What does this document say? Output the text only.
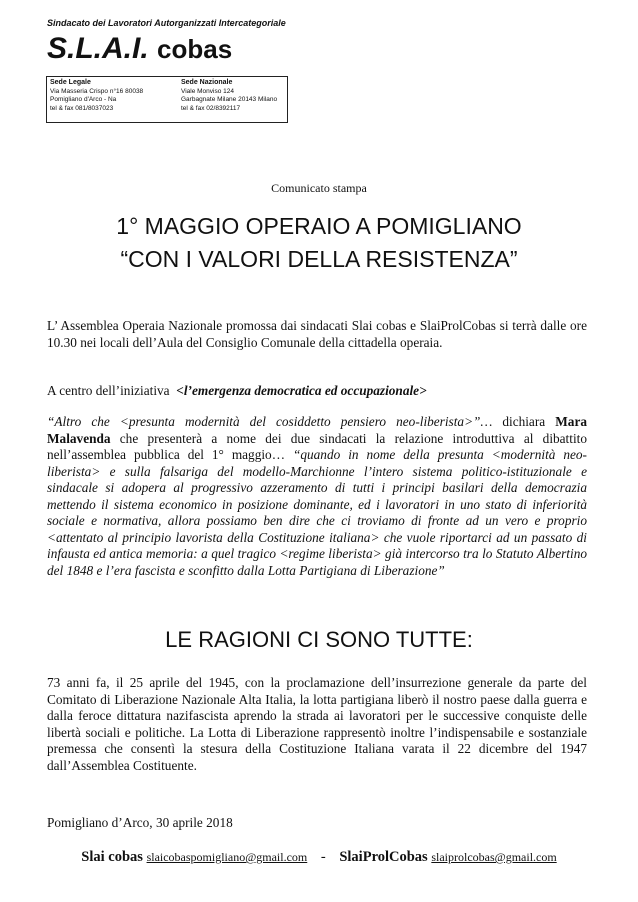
Sindacato dei Lavoratori Autorganizzati Intercategoriale
S.L.A.I. cobas
Sede Legale
Via Masseria Crispo n°16 80038
Pomigliano d'Arco - Na
tel & fax 081/8037023
Sede Nazionale
Viale Monviso 124
Garbagnate Milane 20143 Milano
tel & fax 02/8392117
Comunicato stampa
1° MAGGIO OPERAIO A POMIGLIANO
“CON I VALORI DELLA RESISTENZA”
L’ Assemblea Operaia Nazionale promossa dai sindacati Slai cobas e SlaiProlCobas si terrà dalle ore 10.30 nei locali dell’Aula del Consiglio Comunale della cittadella operaia.
A centro dell’iniziativa <l’emergenza democratica ed occupazionale>
“Altro che <presunta modernità del cosiddetto pensiero neo-liberista>”… dichiara Mara Malavenda che presenterà a nome dei due sindacati la relazione introduttiva al dibattito nell’assemblea pubblica del 1° maggio… “quando in nome della presunta <modernità neo-liberista> e sulla falsariga del modello-Marchionne l’intero sistema politico-istituzionale e sindacale si adopera al progressivo azzeramento di tutti i principi basilari della democrazia mettendo il sistema economico in posizione dominante, ed i lavoratori in uno stato di inferiorità sociale e normativa, allora possiamo ben dire che ci troviamo di fronte ad un vero e proprio <attentato al principio lavorista della Costituzione italiana> che vuole riportarci ad un passato di infausta ed antica memoria: a quel tragico <regime liberista> già intercorso tra lo Statuto Albertino del 1848 e l’era fascista e sconfitto dalla Lotta Partigiana di Liberazione”
LE RAGIONI CI SONO TUTTE:
73 anni fa, il 25 aprile del 1945, con la proclamazione dell’insurrezione generale da parte del Comitato di Liberazione Nazionale Alta Italia, la lotta partigiana liberò il nostro paese dalla guerra e dalla feroce dittatura nazifascista aprendo la strada ai lavoratori per le successive conquiste delle libertà sociali e politiche. La Lotta di Liberazione rappresentò inoltre l’indispensabile e sostanziale premessa che consentì la stesura della Costituzione Italiana varata il 22 dicembre del 1947 dall’Assemblea Costituente.
Pomigliano d’Arco, 30 aprile 2018
Slai cobas slaicobaspomigliano@gmail.com - SlaiProlCobas slaiprolcobas@gmail.com
